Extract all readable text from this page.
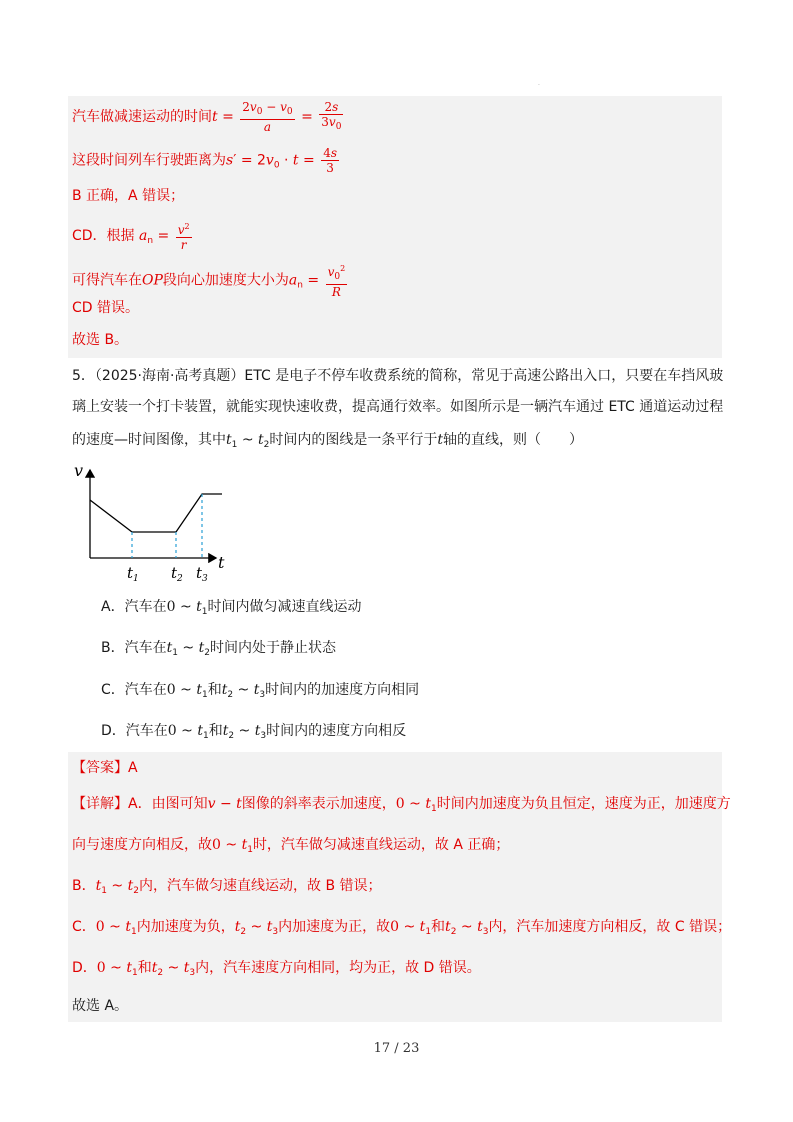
·
汽车做减速运动的时间$t = \frac{2v_0 - v_0}{a} = \frac{2s}{3v_0}$
这段时间列车行驶距离为$s' = 2v_0 \cdot t = \frac{4s}{3}$
B 正确，A 错误；
CD．根据 $a_n = \frac{v^2}{r}$
可得汽车在OP段向心加速度大小为$a_n = \frac{v_0^2}{R}$
CD 错误。
故选 B。
5．（2025·海南·高考真题）ETC 是电子不停车收费系统的简称，常见于高速公路出入口，只要在车挡风玻
璃上安装一个打卡装置，就能实现快速收费，提高通行效率。如图所示是一辆汽车通过 ETC 通道运动过程
的速度—时间图像，其中$t_1$ ~ $t_2$时间内的图线是一条平行于t轴的直线，则（　　）
v
t
t 1 t 2 t 3
A．汽车在0 ~ $t_1$时间内做匀减速直线运动
B．汽车在$t_1$ ~ $t_2$时间内处于静止状态
C．汽车在0 ~ $t_1$和$t_2$ ~ $t_3$时间内的加速度方向相同
D．汽车在0 ~ $t_1$和$t_2$ ~ $t_3$时间内的速度方向相反
【答案】A
【详解】A．由图可知v − t图像的斜率表示加速度，0 ~ $t_1$时间内加速度为负且恒定，速度为正，加速度方
向与速度方向相反，故0 ~ $t_1$时，汽车做匀减速直线运动，故 A 正确；
B．$t_1$ ~ $t_2$内，汽车做匀速直线运动，故 B 错误；
C．0 ~ $t_1$内加速度为负，$t_2$ ~ $t_3$内加速度为正，故0 ~ $t_1$和$t_2$ ~ $t_3$内，汽车加速度方向相反，故 C 错误；
D．0 ~ $t_1$和$t_2$ ~ $t_3$内，汽车速度方向相同，均为正，故 D 错误。
故选 A。
17 / 23
